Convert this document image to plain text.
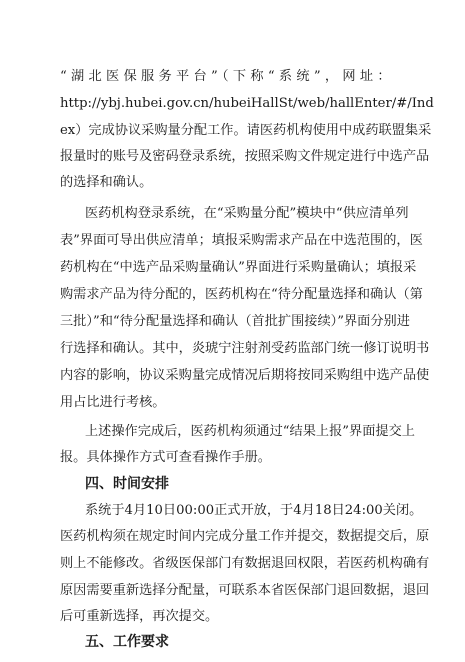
“湖北医保服务平台”（下称“系统”，网址：
http://ybj.hubei.gov.cn/hubeiHallSt/web/hallEnter/#/Ind
ex）完成协议采购量分配工作。请医药机构使用中成药联盟集采
报量时的账号及密码登录系统，按照采购文件规定进行中选产品
的选择和确认。
医药机构登录系统，在“采购量分配”模块中“供应清单列
表”界面可导出供应清单；填报采购需求产品在中选范围的，医
药机构在“中选产品采购量确认”界面进行采购量确认；填报采
购需求产品为待分配的，医药机构在“待分配量选择和确认（第
三批）”和“待分配量选择和确认（首批扩围接续）”界面分别进
行选择和确认。其中，炎琥宁注射剂受药监部门统一修订说明书
内容的影响，协议采购量完成情况后期将按同采购组中选产品使
用占比进行考核。
上述操作完成后，医药机构须通过“结果上报”界面提交上
报。具体操作方式可查看操作手册。
四、时间安排
系统于4月10日00:00正式开放，于4月18日24:00关闭。
医药机构须在规定时间内完成分量工作并提交，数据提交后，原
则上不能修改。省级医保部门有数据退回权限，若医药机构确有
原因需要重新选择分配量，可联系本省医保部门退回数据，退回
后可重新选择，再次提交。
五、工作要求
